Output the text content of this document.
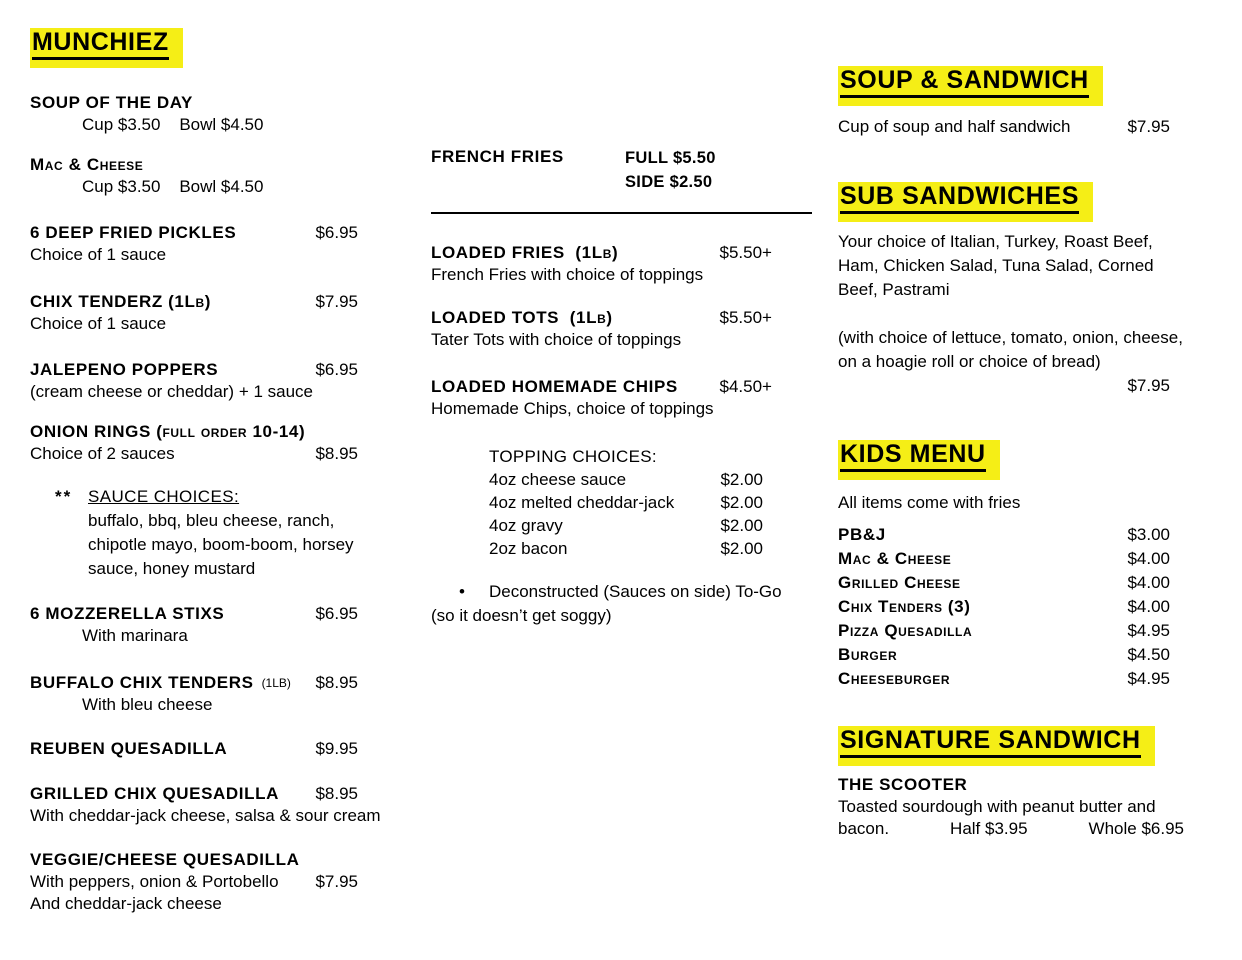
MUNCHIEZ
SOUP OF THE DAY
Cup $3.50    Bowl $4.50
Mac & Cheese
Cup $3.50    Bowl $4.50
6 DEEP FRIED PICKLES	$6.95
Choice of 1 sauce
CHIX TENDERZ (1Lb)	$7.95
Choice of 1 sauce
JALEPENO POPPERS	$6.95
(cream cheese or cheddar) + 1 sauce
ONION RINGS (full order 10-14)
Choice of 2 sauces	$8.95
** SAUCE CHOICES:
buffalo, bbq, bleu cheese, ranch,
chipotle mayo, boom-boom, horsey
sauce, honey mustard
6 MOZZERELLA STIXS	$6.95
With marinara
BUFFALO CHIX TENDERS (1LB) $8.95
With bleu cheese
REUBEN QUESADILLA	$9.95
GRILLED CHIX QUESADILLA $8.95
With cheddar-jack cheese, salsa & sour cream
VEGGIE/CHEESE QUESADILLA
With peppers, onion & Portobello $7.95
And cheddar-jack cheese
FRENCH FRIES	FULL $5.50
SIDE $2.50
LOADED FRIES  (1Lb)	$5.50+
French Fries with choice of toppings
LOADED TOTS  (1Lb)	$5.50+
Tater Tots with choice of toppings
LOADED HOMEMADE CHIPS $4.50+
Homemade Chips, choice of toppings
TOPPING CHOICES:
4oz cheese sauce	$2.00
4oz melted cheddar-jack	$2.00
4oz gravy	$2.00
2oz bacon	$2.00
•	Deconstructed (Sauces on side) To-Go
(so it doesn’t get soggy)
SOUP & SANDWICH
Cup of soup and half sandwich	$7.95
SUB SANDWICHES
Your choice of Italian, Turkey, Roast Beef, Ham, Chicken Salad, Tuna Salad, Corned Beef, Pastrami
(with choice of lettuce, tomato, onion, cheese, on a hoagie roll or choice of bread)
$7.95
KIDS MENU
All items come with fries
PB&J	$3.00
Mac & Cheese	$4.00
Grilled Cheese	$4.00
Chix Tenders (3)	$4.00
Pizza Quesadilla	$4.95
Burger	$4.50
Cheeseburger	$4.95
SIGNATURE SANDWICH
THE SCOOTER
Toasted sourdough with peanut butter and
bacon.	Half $3.95	Whole $6.95
